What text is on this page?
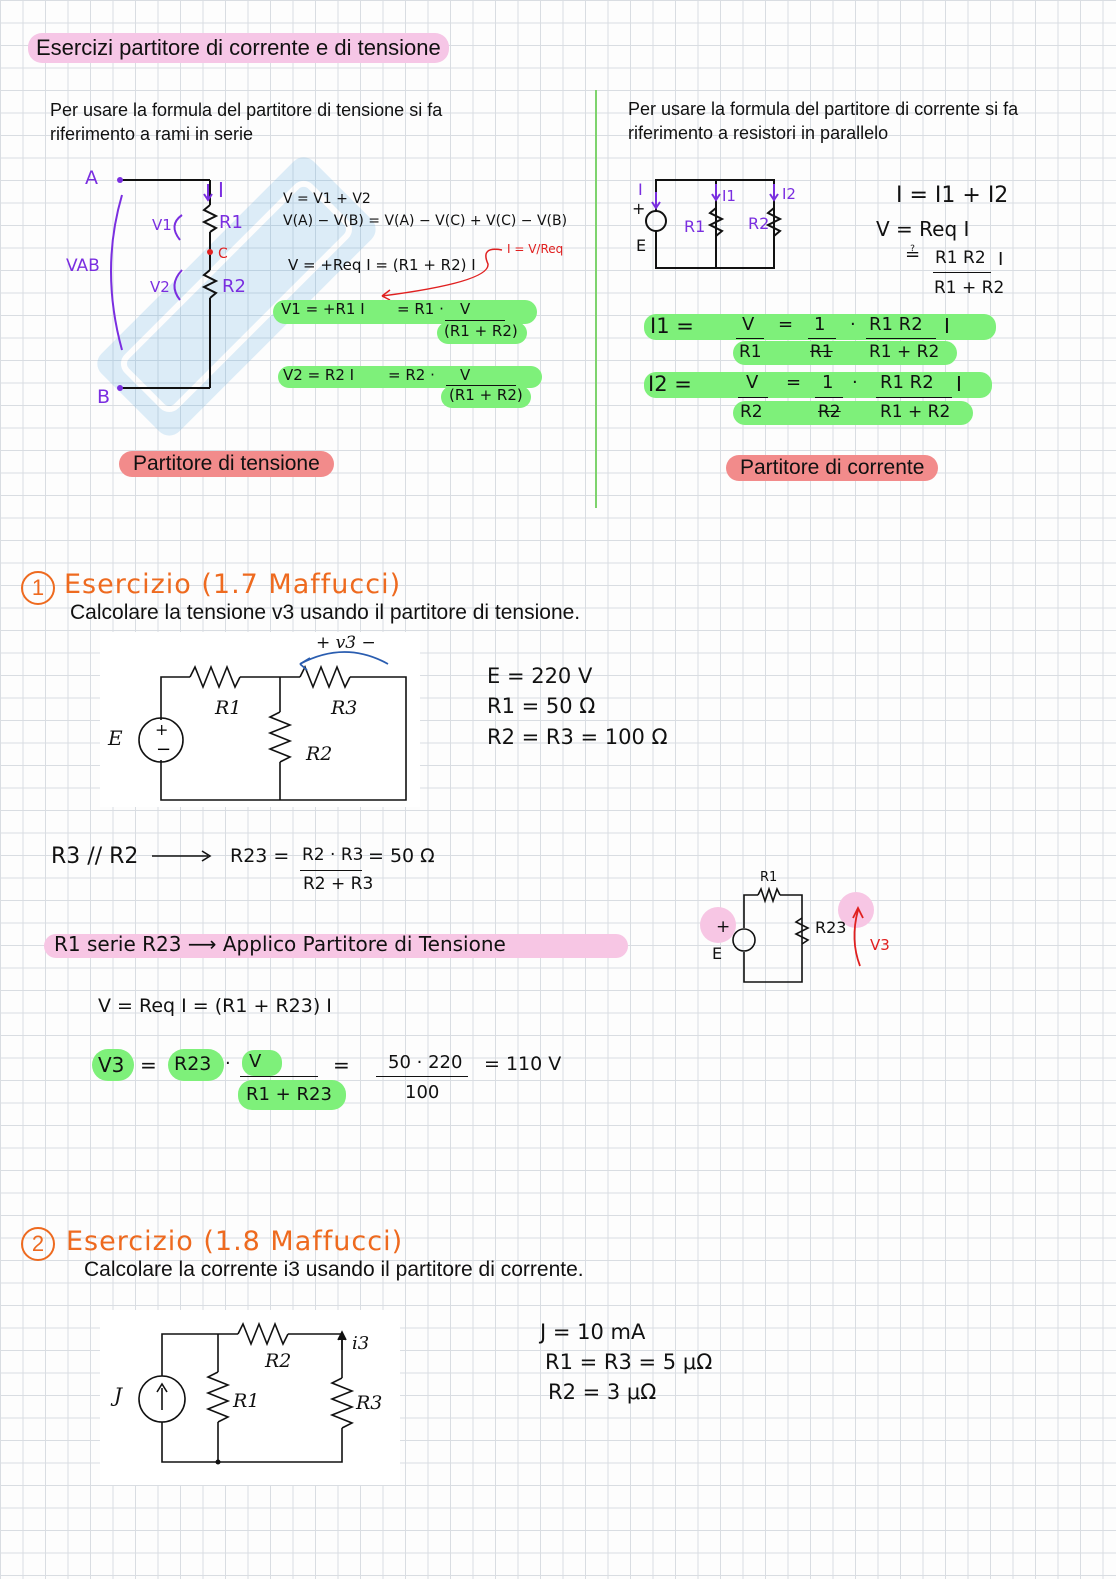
Esercizi partitore di corrente e di tensione
Per usare la formula del partitore di tensione si fa riferimento a rami in serie
A
B
C
I
R1
R2
V1
V2
VAB
V = V1 + V2
V(A) − V(B) = V(A) − V(C) + V(C) − V(B)
V = +Req I = (R1 + R2) I
I = V/Req
V1 = +R1 I = R1 · V
(R1 + R2)
V2 = R2 I = R2 · V
(R1 + R2)
Partitore di tensione
Per usare la formula del partitore di corrente si fa riferimento a resistori in parallelo
I
+
E
I1	I2
R1	R2
I = I1 + I2
V = Req I
≟ R1 R2
R1 + R2
I
I1 =	V
R1
= 1
R1
· R1 R2
R1 + R2
I
I2 =	V
R2
= 1
R2
· R1 R2
R1 + R2
I
Partitore di corrente
1 Esercizio (1.7 Maffucci)
Calcolare la tensione v3 usando il partitore di tensione.
+
−
E
R1	R3
R2
+ v3 −
E = 220 V
R1 = 50 Ω
R2 = R3 = 100 Ω
R3 // R2	R23 = R2 · R3
R2 + R3
= 50 Ω
R1 serie R23 ⟶ Applico Partitore di Tensione
V = Req I = (R1 + R23) I
V3 = R23 · V
R1 + R23
= 50 · 220
100
= 110 V
R1
R23
+
E	V3
2 Esercizio (1.8 Maffucci)
Calcolare la corrente i3 usando il partitore di corrente.
J	R1
R2
R3
i3	J = 10 mA
R1 = R3 = 5 μΩ
R2 = 3 μΩ
